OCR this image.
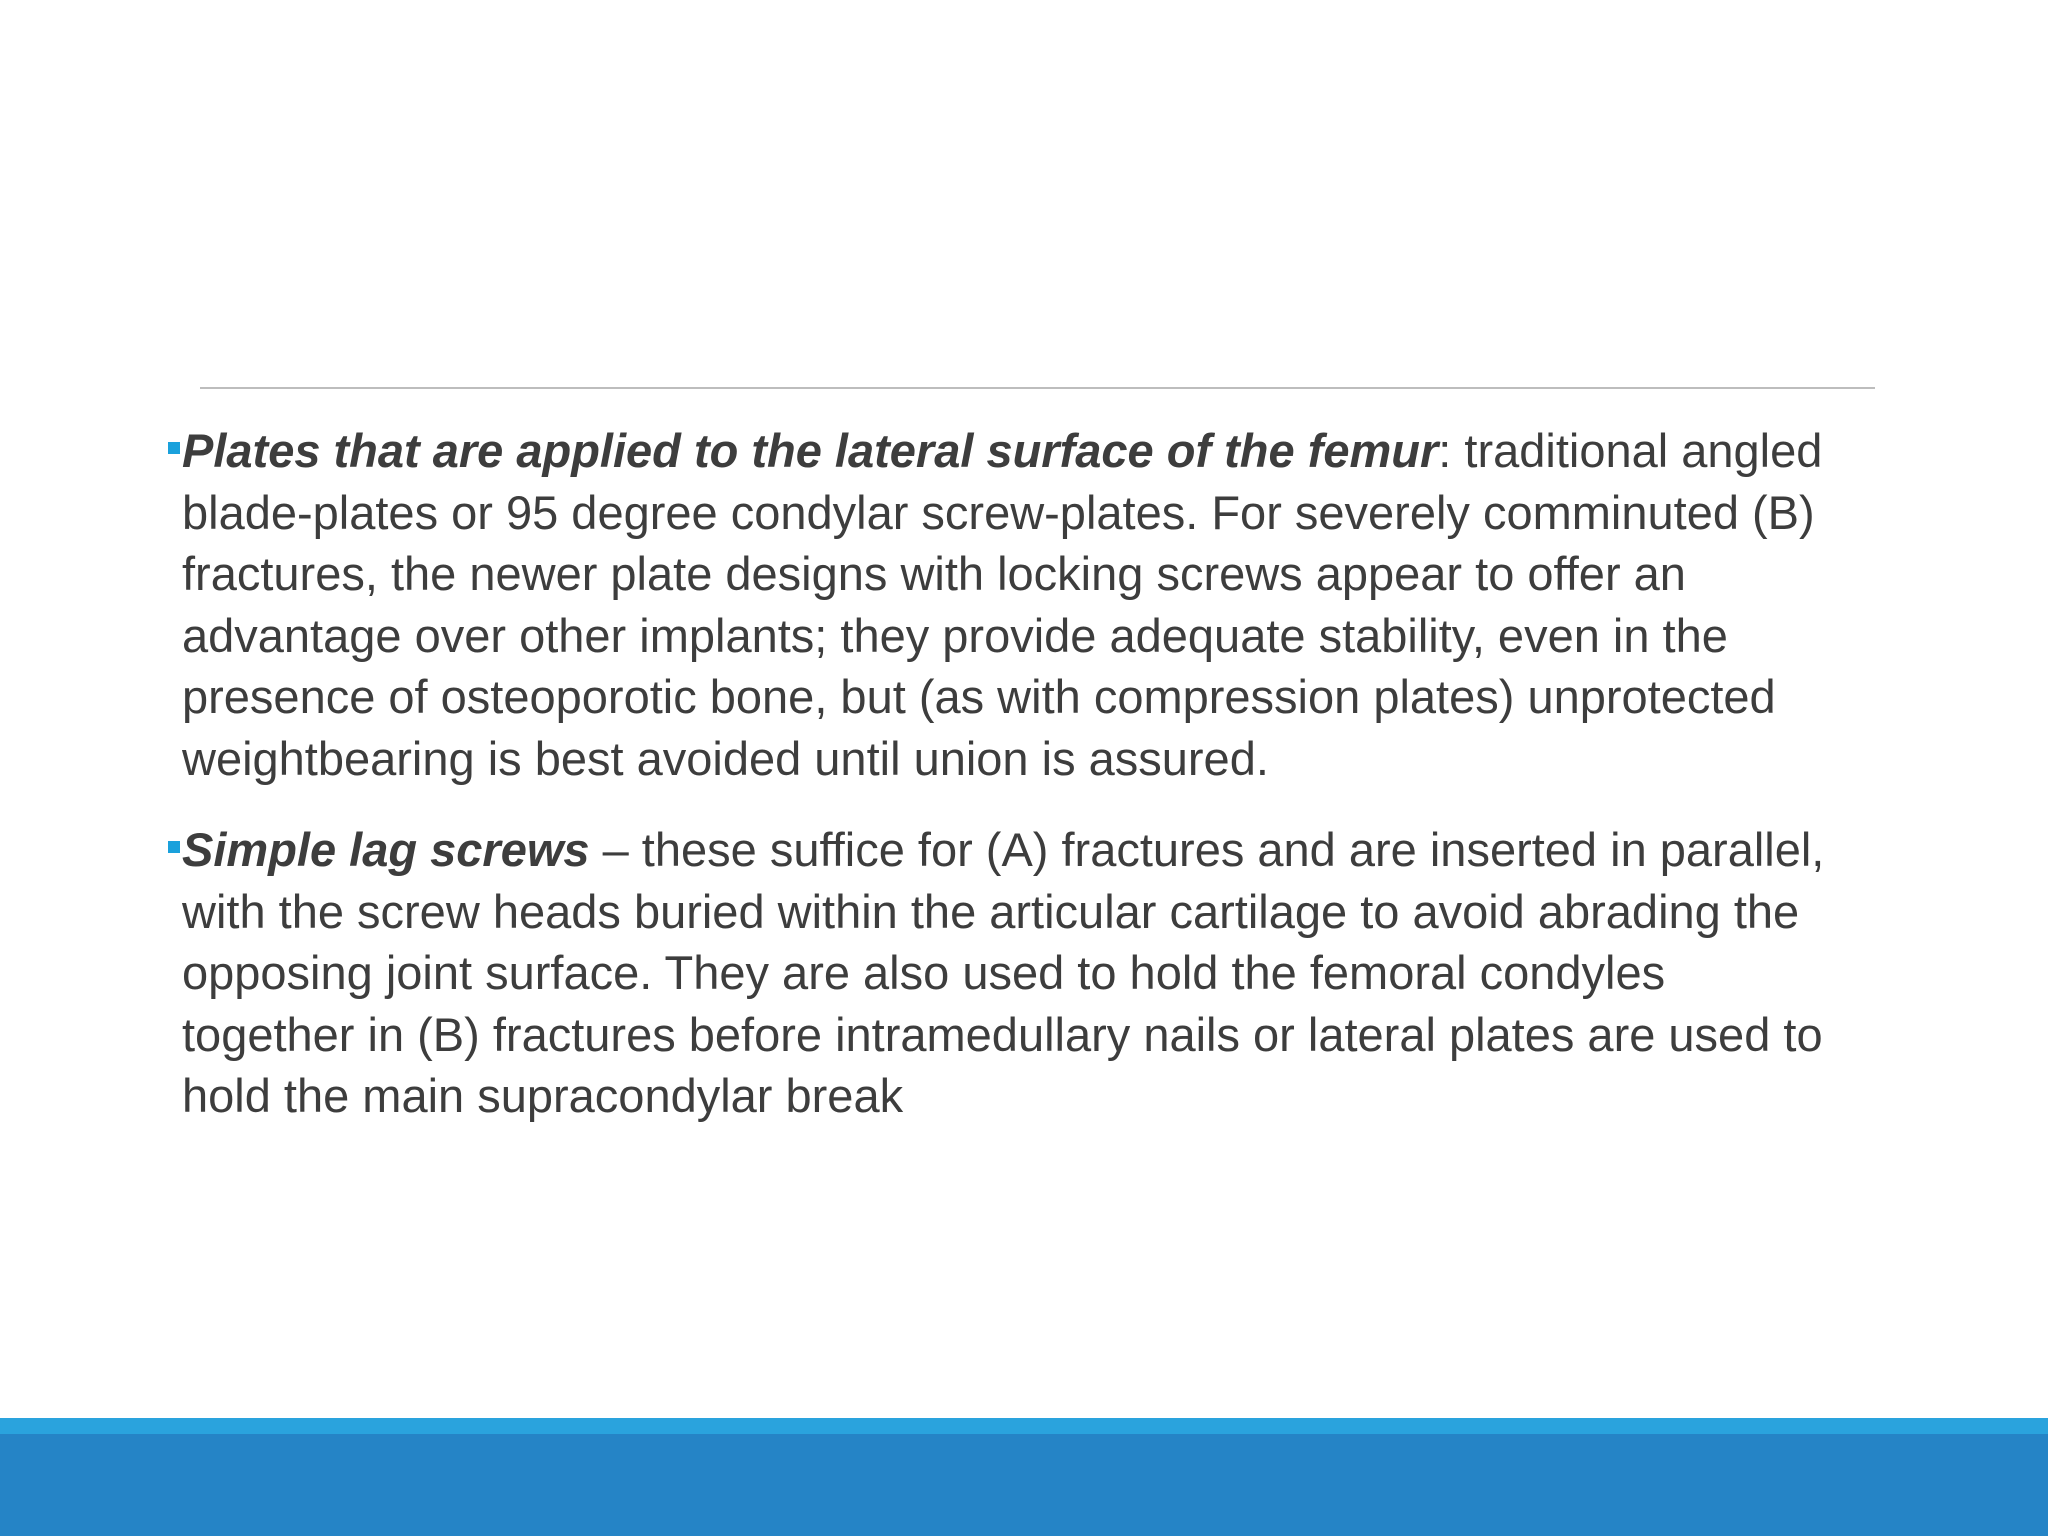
Plates that are applied to the lateral surface of the femur: traditional angled blade-plates or 95 degree condylar screw-plates. For severely comminuted (B) fractures, the newer plate designs with locking screws appear to offer an advantage over other implants; they provide adequate stability, even in the presence of osteoporotic bone, but (as with compression plates) unprotected weightbearing is best avoided until union is assured.

Simple lag screws – these suffice for (A) fractures and are inserted in parallel, with the screw heads buried within the articular cartilage to avoid abrading the opposing joint surface. They are also used to hold the femoral condyles together in (B) fractures before intramedullary nails or lateral plates are used to hold the main supracondylar break
